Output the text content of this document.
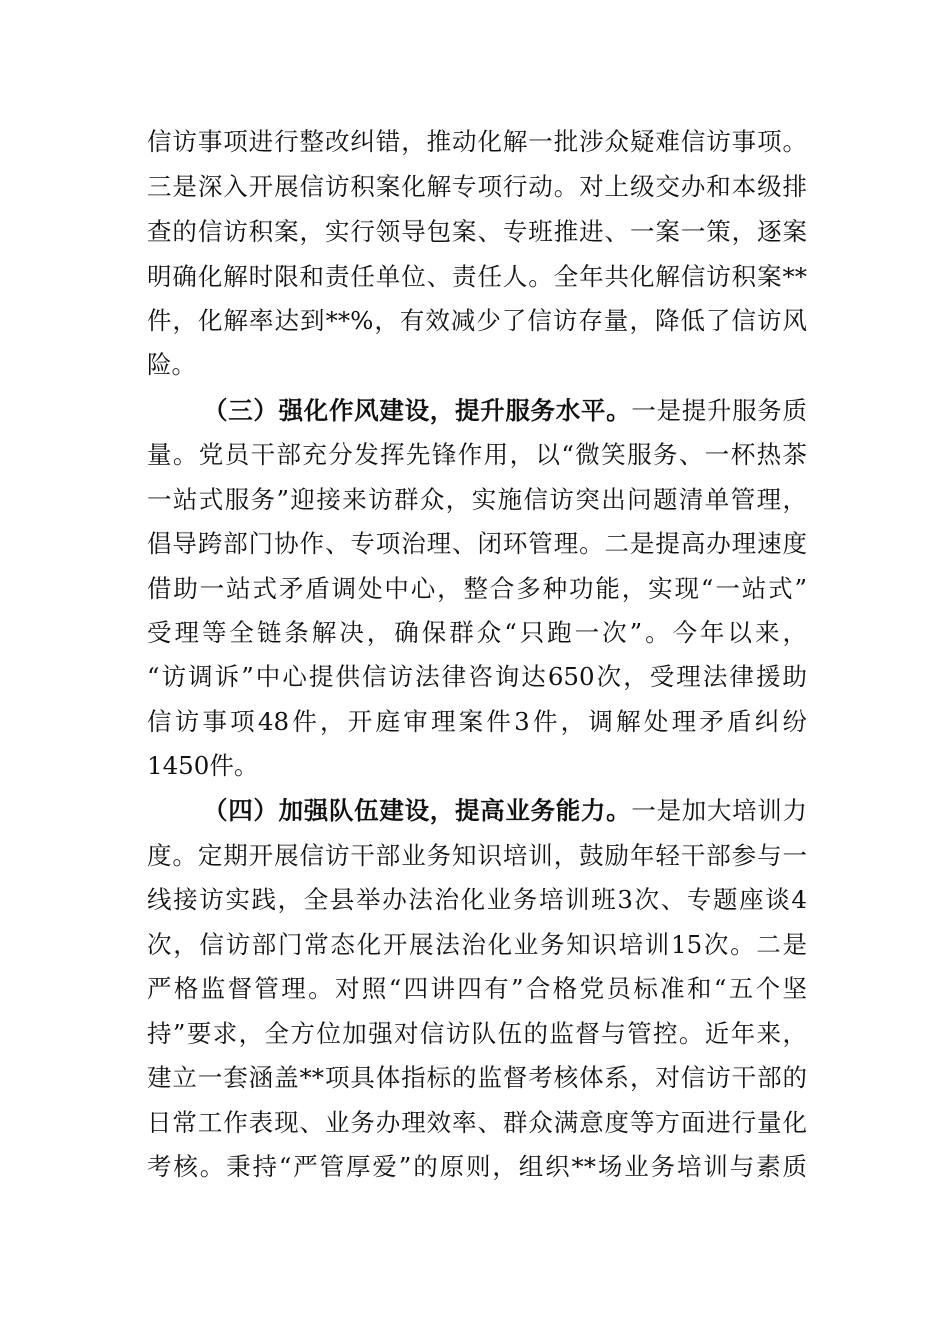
信访事项进行整改纠错，推动化解一批涉众疑难信访事项。
三是深入开展信访积案化解专项行动。对上级交办和本级排
查的信访积案，实行领导包案、专班推进、一案一策，逐案
明确化解时限和责任单位、责任人。全年共化解信访积案**
件，化解率达到**%，有效减少了信访存量，降低了信访风
险。
（三）强化作风建设，提升服务水平。一是提升服务质
量。党员干部充分发挥先锋作用，以“微笑服务、一杯热茶
一站式服务”迎接来访群众，实施信访突出问题清单管理，
倡导跨部门协作、专项治理、闭环管理。二是提高办理速度
借助一站式矛盾调处中心，整合多种功能，实现“一站式”
受理等全链条解决，确保群众“只跑一次”。今年以来，
“访调诉”中心提供信访法律咨询达650次，受理法律援助
信访事项48件，开庭审理案件3件，调解处理矛盾纠纷
1450件。
（四）加强队伍建设，提高业务能力。一是加大培训力
度。定期开展信访干部业务知识培训，鼓励年轻干部参与一
线接访实践，全县举办法治化业务培训班3次、专题座谈4
次，信访部门常态化开展法治化业务知识培训15次。二是
严格监督管理。对照“四讲四有”合格党员标准和“五个坚
持”要求，全方位加强对信访队伍的监督与管控。近年来，
建立一套涵盖**项具体指标的监督考核体系，对信访干部的
日常工作表现、业务办理效率、群众满意度等方面进行量化
考核。秉持“严管厚爱”的原则，组织**场业务培训与素质
